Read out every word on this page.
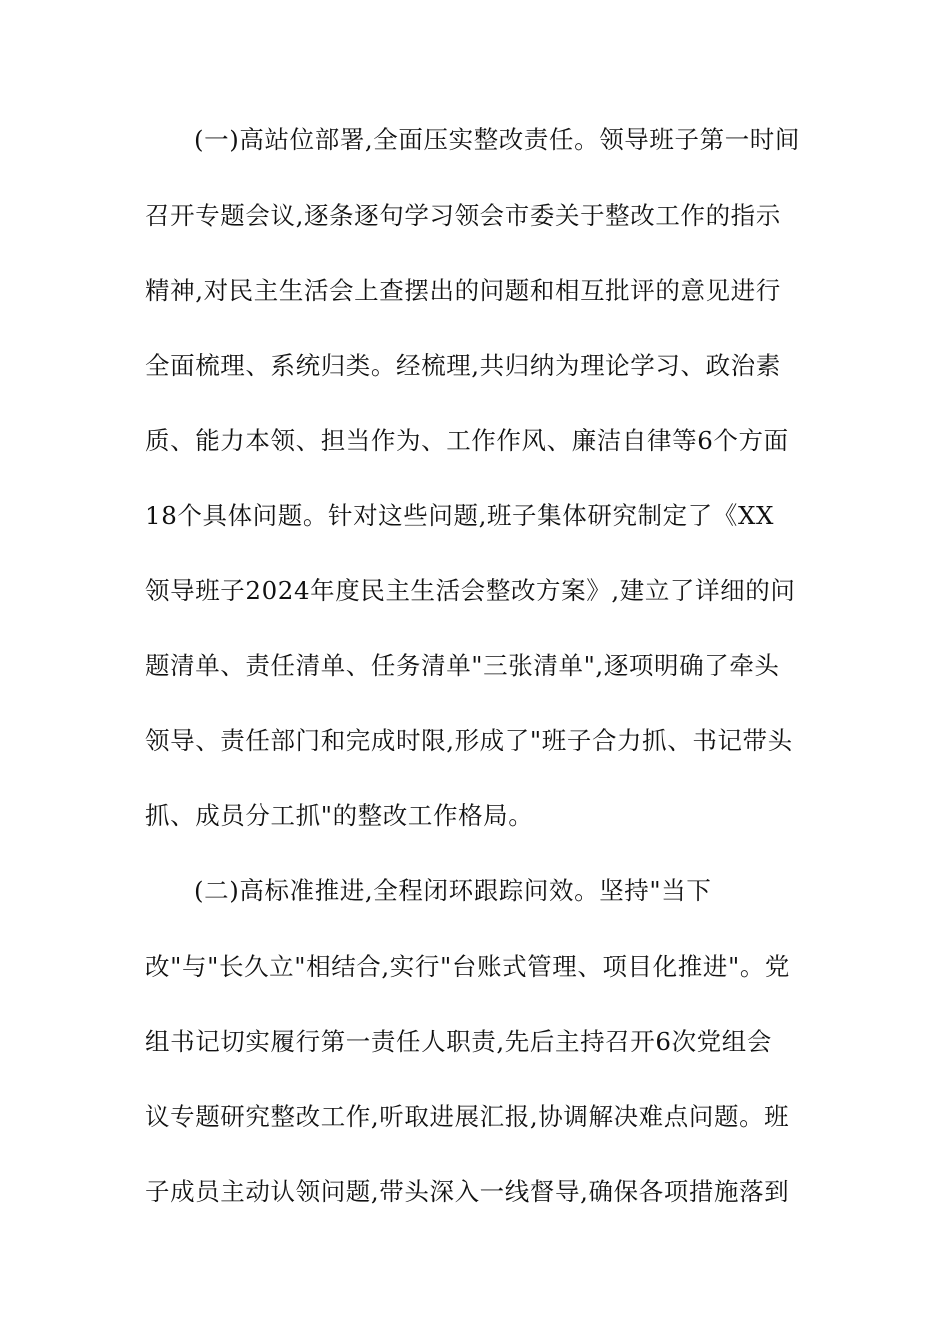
(一)高站位部署,全面压实整改责任。领导班子第一时间
召开专题会议,逐条逐句学习领会市委关于整改工作的指示
精神,对民主生活会上查摆出的问题和相互批评的意见进行
全面梳理、系统归类。经梳理,共归纳为理论学习、政治素
质、能力本领、担当作为、工作作风、廉洁自律等6个方面
18个具体问题。针对这些问题,班子集体研究制定了《XX
领导班子2024年度民主生活会整改方案》,建立了详细的问
题清单、责任清单、任务清单"三张清单",逐项明确了牵头
领导、责任部门和完成时限,形成了"班子合力抓、书记带头
抓、成员分工抓"的整改工作格局。
(二)高标准推进,全程闭环跟踪问效。坚持"当下
改"与"长久立"相结合,实行"台账式管理、项目化推进"。党
组书记切实履行第一责任人职责,先后主持召开6次党组会
议专题研究整改工作,听取进展汇报,协调解决难点问题。班
子成员主动认领问题,带头深入一线督导,确保各项措施落到
